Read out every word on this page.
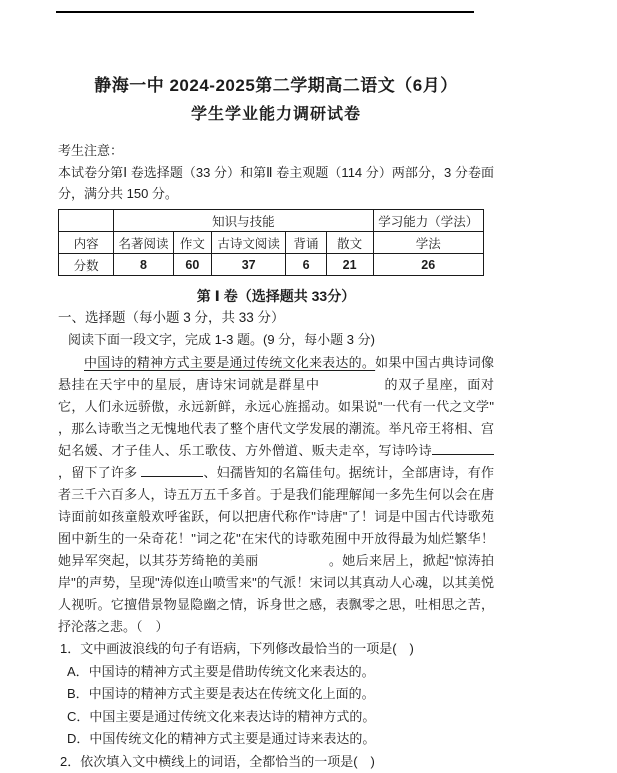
静海一中 2024-2025第二学期高二语文（6月）
学生学业能力调研试卷
考生注意：
本试卷分第Ⅰ 卷选择题（33 分）和第Ⅱ 卷主观题（114 分）两部分，3 分卷面分，满分共 150 分。
	知识与技能					学习能力（学法）
内容	名著阅读	作文	古诗文阅读	背诵	散文	学法
分数	8	60	37	6	21	26
第 Ⅰ 卷（选择题共 33分）
一、选择题（每小题 3 分，共 33 分）
阅读下面一段文字，完成 1-3 题。(9 分，每小题 3 分)
中国诗的精神方式主要是通过传统文化来表达的。如果中国古典诗词像悬挂在天宇中的星辰，唐诗宋词就是群星中	的双子星座，面对它，人们永远骄傲，永远新鲜，永远心旌摇动。如果说"一代有一代之文学" ，那么诗歌当之无愧地代表了整个唐代文学发展的潮流。举凡帝王将相、宫妃名媛、才子佳人、乐工歌伎、方外僧道、贩夫走卒，写诗吟诗，留下了许多	、妇孺皆知的名篇佳句。据统计，全部唐诗，有作者三千六百多人，诗五万五千多首。于是我们能理解闻一多先生何以会在唐诗面前如孩童般欢呼雀跃，何以把唐代称作"诗唐"了！词是中国古代诗歌苑囿中新生的一朵奇花！"词之花"在宋代的诗歌苑囿中开放得最为灿烂繁华！她异军突起，以其芬芳绮艳的美丽	。她后来居上，掀起"惊涛拍岸"的声势，呈现"涛似连山喷雪来"的气派！宋词以其真动人心魂，以其美悦人视听。它擅借景物显隐幽之情，诉身世之感，表飘零之思，吐相思之苦，抒沦落之悲。（　）
1．文中画波浪线的句子有语病，下列修改最恰当的一项是(　)
A．中国诗的精神方式主要是借助传统文化来表达的。
B．中国诗的精神方式主要是表达在传统文化上面的。
C．中国主要是通过传统文化来表达诗的精神方式的。
D．中国传统文化的精神方式主要是通过诗来表达的。
2．依次填入文中横线上的词语，全都恰当的一项是(　)
